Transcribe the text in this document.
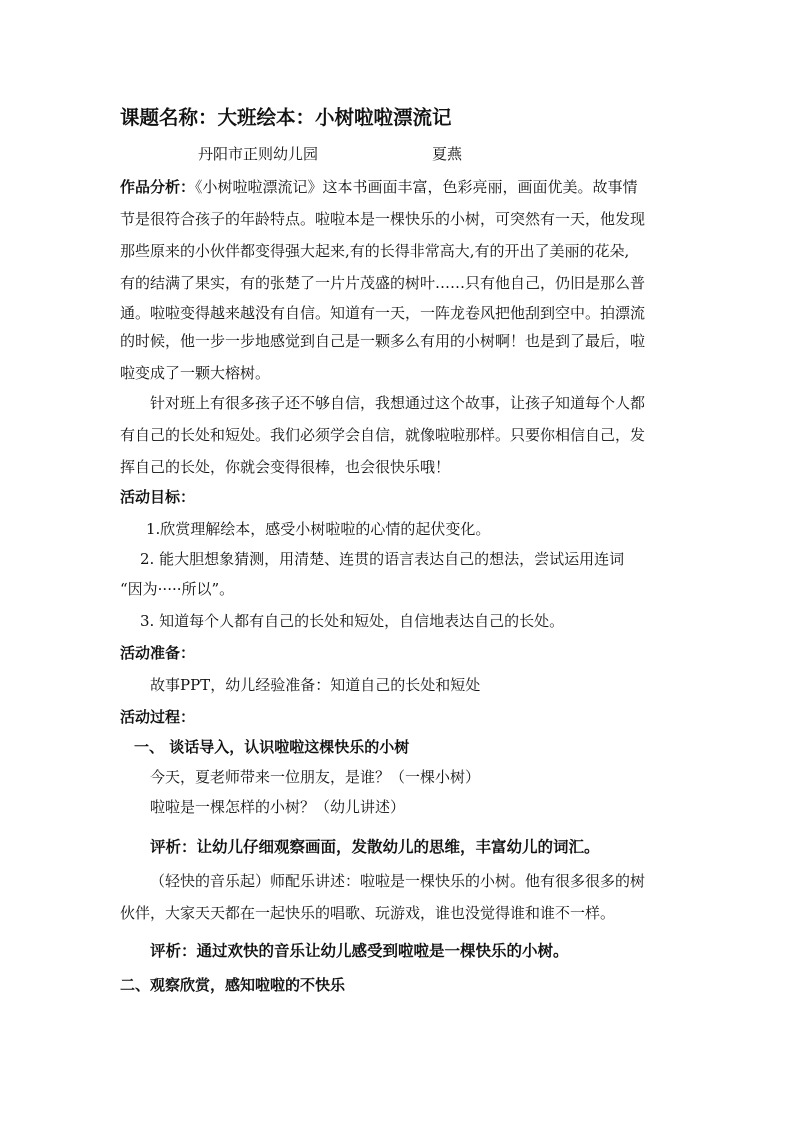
课题名称：大班绘本：小树啦啦漂流记
丹阳市正则幼儿园	夏燕
作品分析：《小树啦啦漂流记》这本书画面丰富，色彩亮丽，画面优美。故事情
节是很符合孩子的年龄特点。啦啦本是一棵快乐的小树，可突然有一天，他发现
那些原来的小伙伴都变得强大起来,有的长得非常高大,有的开出了美丽的花朵,
有的结满了果实，有的张楚了一片片茂盛的树叶……只有他自己，仍旧是那么普
通。啦啦变得越来越没有自信。知道有一天，一阵龙卷风把他刮到空中。拍漂流
的时候，他一步一步地感觉到自己是一颗多么有用的小树啊！也是到了最后，啦
啦变成了一颗大榕树。
针对班上有很多孩子还不够自信，我想通过这个故事，让孩子知道每个人都
有自己的长处和短处。我们必须学会自信，就像啦啦那样。只要你相信自己，发
挥自己的长处，你就会变得很棒，也会很快乐哦！
活动目标：
1.欣赏理解绘本，感受小树啦啦的心情的起伏变化。
2. 能大胆想象猜测，用清楚、连贯的语言表达自己的想法，尝试运用连词
“因为·····所以”。
3. 知道每个人都有自己的长处和短处，自信地表达自己的长处。
活动准备：
故事PPT，幼儿经验准备：知道自己的长处和短处
活动过程：
一、 谈话导入，认识啦啦这棵快乐的小树
今天，夏老师带来一位朋友，是谁？（一棵小树）
啦啦是一棵怎样的小树？（幼儿讲述）
评析：让幼儿仔细观察画面，发散幼儿的思维，丰富幼儿的词汇。
（轻快的音乐起）师配乐讲述：啦啦是一棵快乐的小树。他有很多很多的树
伙伴，大家天天都在一起快乐的唱歌、玩游戏，谁也没觉得谁和谁不一样。
评析：通过欢快的音乐让幼儿感受到啦啦是一棵快乐的小树。
二、观察欣赏，感知啦啦的不快乐
